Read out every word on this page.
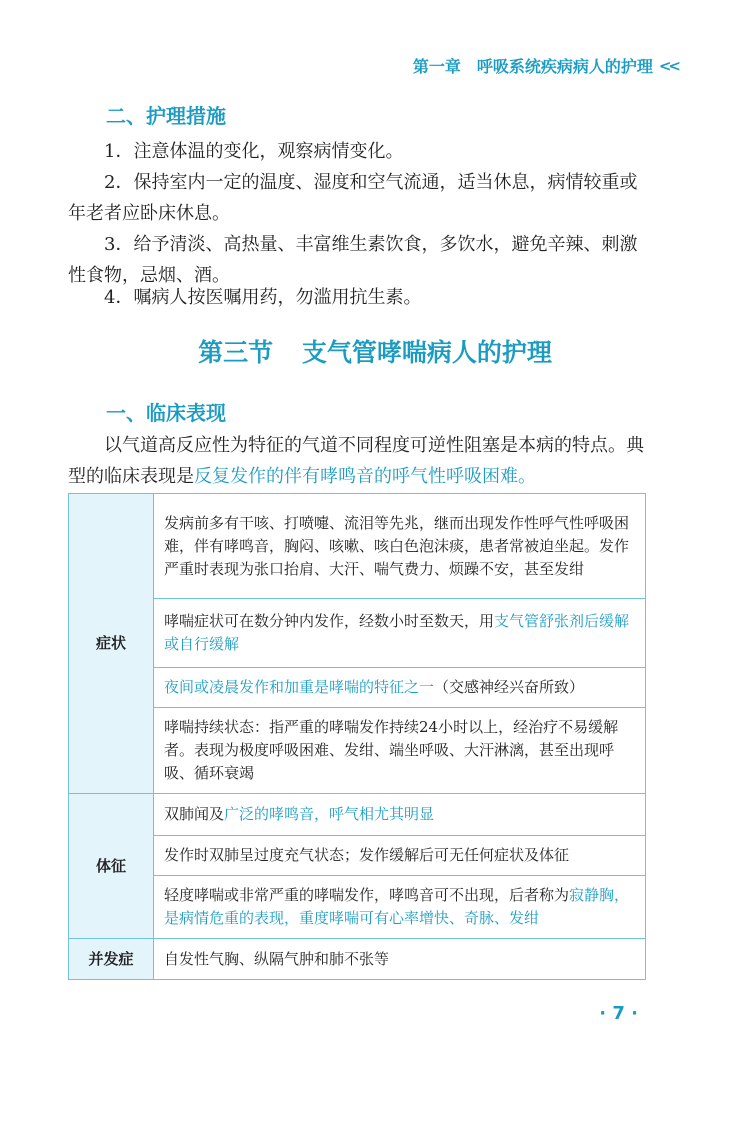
第一章 呼吸系统疾病病人的护理 <<
二、护理措施
1．注意体温的变化，观察病情变化。
2．保持室内一定的温度、湿度和空气流通，适当休息，病情较重或年老者应卧床休息。
3．给予清淡、高热量、丰富维生素饮食，多饮水，避免辛辣、刺激性食物，忌烟、酒。
4．嘱病人按医嘱用药，勿滥用抗生素。
第三节 支气管哮喘病人的护理
一、临床表现
以气道高反应性为特征的气道不同程度可逆性阻塞是本病的特点。典型的临床表现是反复发作的伴有哮鸣音的呼气性呼吸困难。
症状	发病前多有干咳、打喷嚏、流泪等先兆，继而出现发作性呼气性呼吸困难，伴有哮鸣音，胸闷、咳嗽、咳白色泡沫痰，患者常被迫坐起。发作严重时表现为张口抬肩、大汗、喘气费力、烦躁不安，甚至发绀
	哮喘症状可在数分钟内发作，经数小时至数天，用支气管舒张剂后缓解或自行缓解
	夜间或凌晨发作和加重是哮喘的特征之一（交感神经兴奋所致）
	哮喘持续状态：指严重的哮喘发作持续24小时以上，经治疗不易缓解者。表现为极度呼吸困难、发绀、端坐呼吸、大汗淋漓，甚至出现呼吸、循环衰竭
体征	双肺闻及广泛的哮鸣音，呼气相尤其明显
	发作时双肺呈过度充气状态；发作缓解后可无任何症状及体征
	轻度哮喘或非常严重的哮喘发作，哮鸣音可不出现，后者称为寂静胸，是病情危重的表现，重度哮喘可有心率增快、奇脉、发绀
并发症	自发性气胸、纵隔气肿和肺不张等
· 7 ·
